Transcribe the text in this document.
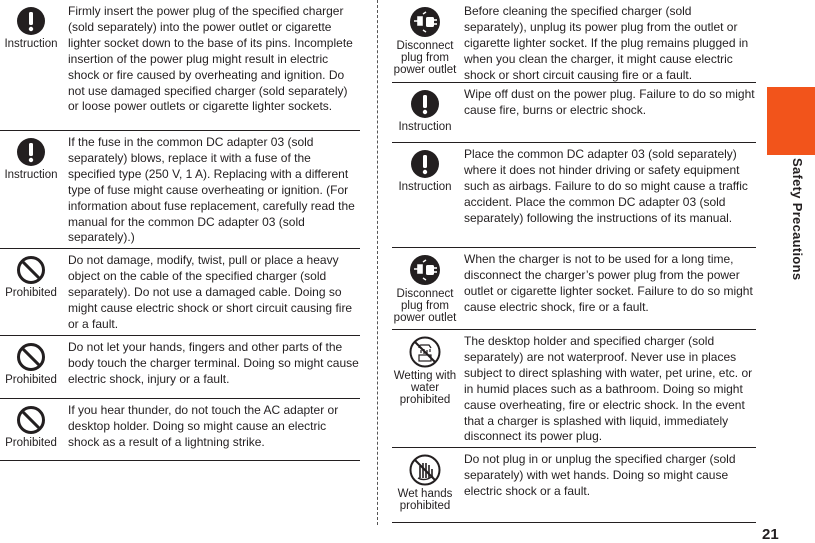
Instruction
Firmly insert the power plug of the specified charger (sold separately) into the power outlet or cigarette lighter socket down to the base of its pins. Incomplete insertion of the power plug might result in electric shock or fire caused by overheating and ignition. Do not use damaged specified charger (sold separately) or loose power outlets or cigarette lighter sockets.
Instruction
If the fuse in the common DC adapter 03 (sold separately) blows, replace it with a fuse of the specified type (250 V, 1 A). Replacing with a different type of fuse might cause overheating or ignition. (For information about fuse replacement, carefully read the manual for the common DC adapter 03 (sold separately).)
Prohibited
Do not damage, modify, twist, pull or place a heavy object on the cable of the specified charger (sold separately). Do not use a damaged cable. Doing so might cause electric shock or short circuit causing fire or a fault.
Prohibited
Do not let your hands, fingers and other parts of the body touch the charger terminal. Doing so might cause electric shock, injury or a fault.
Prohibited
If you hear thunder, do not touch the AC adapter or desktop holder. Doing so might cause an electric shock as a result of a lightning strike.
Disconnect plug from power outlet
Before cleaning the specified charger (sold separately), unplug its power plug from the outlet or cigarette lighter socket. If the plug remains plugged in when you clean the charger, it might cause electric shock or short circuit causing fire or a fault.
Instruction
Wipe off dust on the power plug. Failure to do so might cause fire, burns or electric shock.
Instruction
Place the common DC adapter 03 (sold separately) where it does not hinder driving or safety equipment such as airbags. Failure to do so might cause a traffic accident. Place the common DC adapter 03 (sold separately) following the instructions of its manual.
Disconnect plug from power outlet
When the charger is not to be used for a long time, disconnect the charger’s power plug from the power outlet or cigarette lighter socket. Failure to do so might cause electric shock, fire or a fault.
Wetting with water prohibited
The desktop holder and specified charger (sold separately) are not waterproof. Never use in places subject to direct splashing with water, pet urine, etc. or in humid places such as a bathroom. Doing so might cause overheating, fire or electric shock. In the event that a charger is splashed with liquid, immediately disconnect its power plug.
Wet hands prohibited
Do not plug in or unplug the specified charger (sold separately) with wet hands. Doing so might cause electric shock or a fault.
Safety Precautions
21
